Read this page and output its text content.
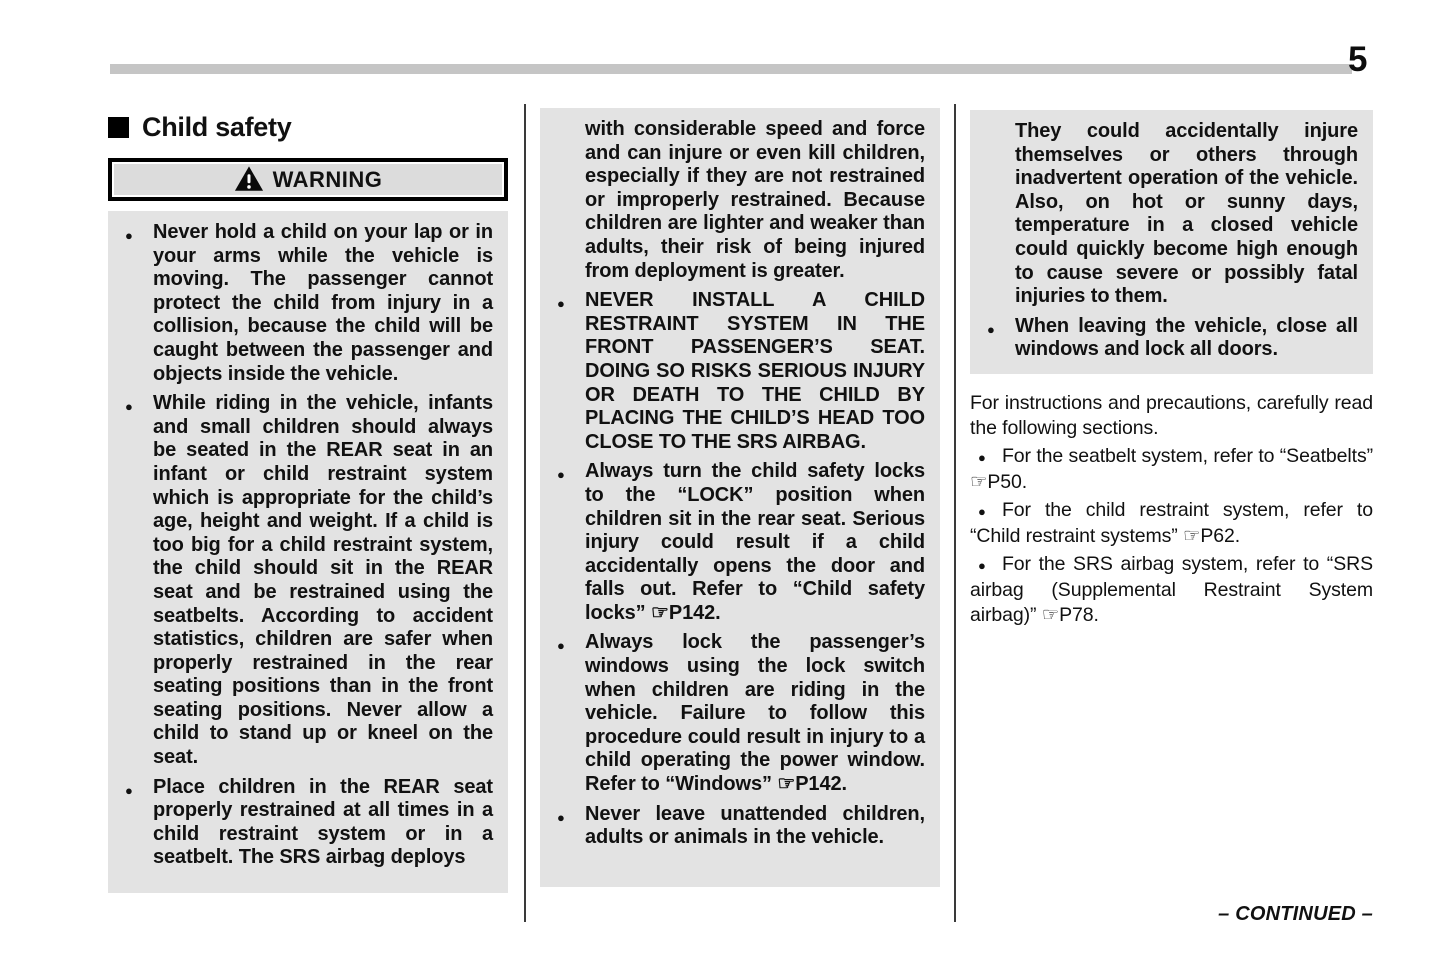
5
Child safety
WARNING

● Never hold a child on your lap or in your arms while the vehicle is moving. The passenger cannot protect the child from injury in a collision, because the child will be caught between the passenger and objects inside the vehicle.

● While riding in the vehicle, infants and small children should always be seated in the REAR seat in an infant or child restraint system which is appropriate for the child’s age, height and weight. If a child is too big for a child restraint system, the child should sit in the REAR seat and be restrained using the seatbelts. According to accident statistics, children are safer when properly restrained in the rear seating positions than in the front seating positions. Never allow a child to stand up or kneel on the seat.

● Place children in the REAR seat properly restrained at all times in a child restraint system or in a seatbelt. The SRS airbag deploys

with considerable speed and force and can injure or even kill children, especially if they are not restrained or improperly restrained. Because children are lighter and weaker than adults, their risk of being injured from deployment is greater.

● NEVER INSTALL A CHILD RESTRAINT SYSTEM IN THE FRONT PASSENGER’S SEAT. DOING SO RISKS SERIOUS INJURY OR DEATH TO THE CHILD BY PLACING THE CHILD’S HEAD TOO CLOSE TO THE SRS AIRBAG.

● Always turn the child safety locks to the “LOCK” position when children sit in the rear seat. Serious injury could result if a child accidentally opens the door and falls out. Refer to “Child safety locks” ☞P142.

● Always lock the passenger’s windows using the lock switch when children are riding in the vehicle. Failure to follow this procedure could result in injury to a child operating the power window. Refer to “Windows” ☞P142.

● Never leave unattended children, adults or animals in the vehicle.

They could accidentally injure themselves or others through inadvertent operation of the vehicle. Also, on hot or sunny days, temperature in a closed vehicle could quickly become high enough to cause severe or possibly fatal injuries to them.

● When leaving the vehicle, close all windows and lock all doors.

For instructions and precautions, carefully read the following sections.

● For the seatbelt system, refer to “Seatbelts” ☞P50.

● For the child restraint system, refer to “Child restraint systems” ☞P62.

● For the SRS airbag system, refer to “SRS airbag (Supplemental Restraint System airbag)” ☞P78.

– CONTINUED –
